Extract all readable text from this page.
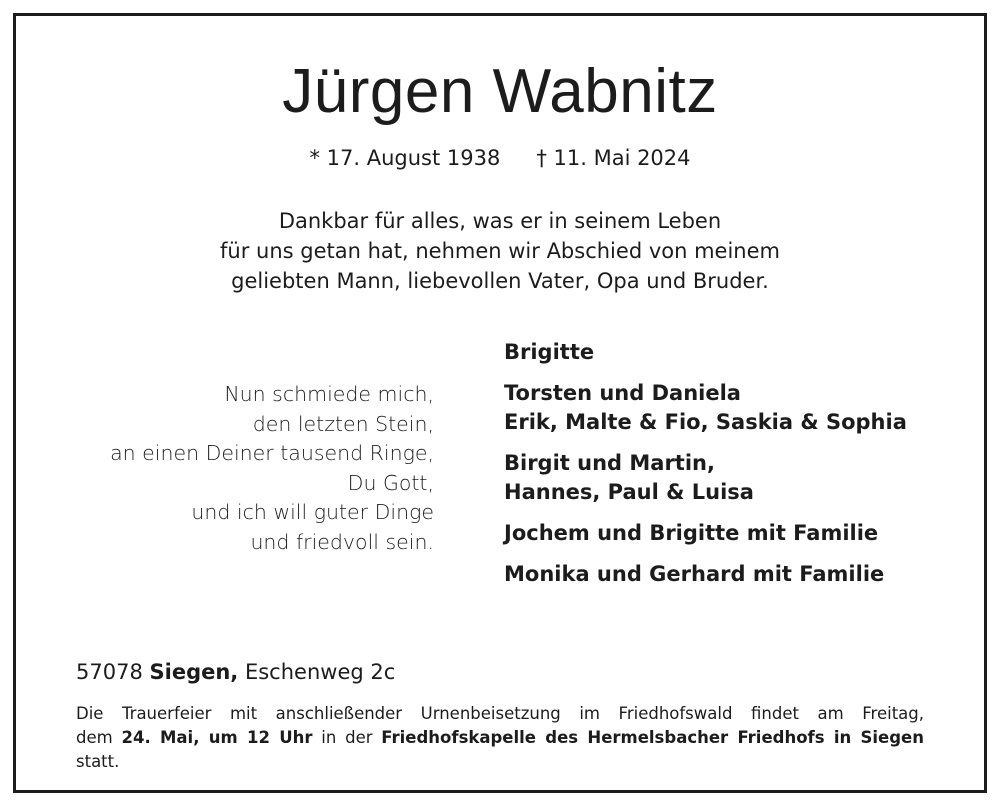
Jürgen Wabnitz
* 17. August 1938 † 11. Mai 2024
Dankbar für alles, was er in seinem Leben
für uns getan hat, nehmen wir Abschied von meinem
geliebten Mann, liebevollen Vater, Opa und Bruder.
Nun schmiede mich,
den letzten Stein,
an einen Deiner tausend Ringe,
Du Gott,
und ich will guter Dinge
und friedvoll sein.
Brigitte
Torsten und Daniela
Erik, Malte & Fio, Saskia & Sophia
Birgit und Martin,
Hannes, Paul & Luisa
Jochem und Brigitte mit Familie
Monika und Gerhard mit Familie
57078 Siegen, Eschenweg 2c
Die Trauerfeier mit anschließender Urnenbeisetzung im Friedhofswald findet am Freitag,
dem 24. Mai, um 12 Uhr in der Friedhofskapelle des Hermelsbacher Friedhofs in Siegen statt.
